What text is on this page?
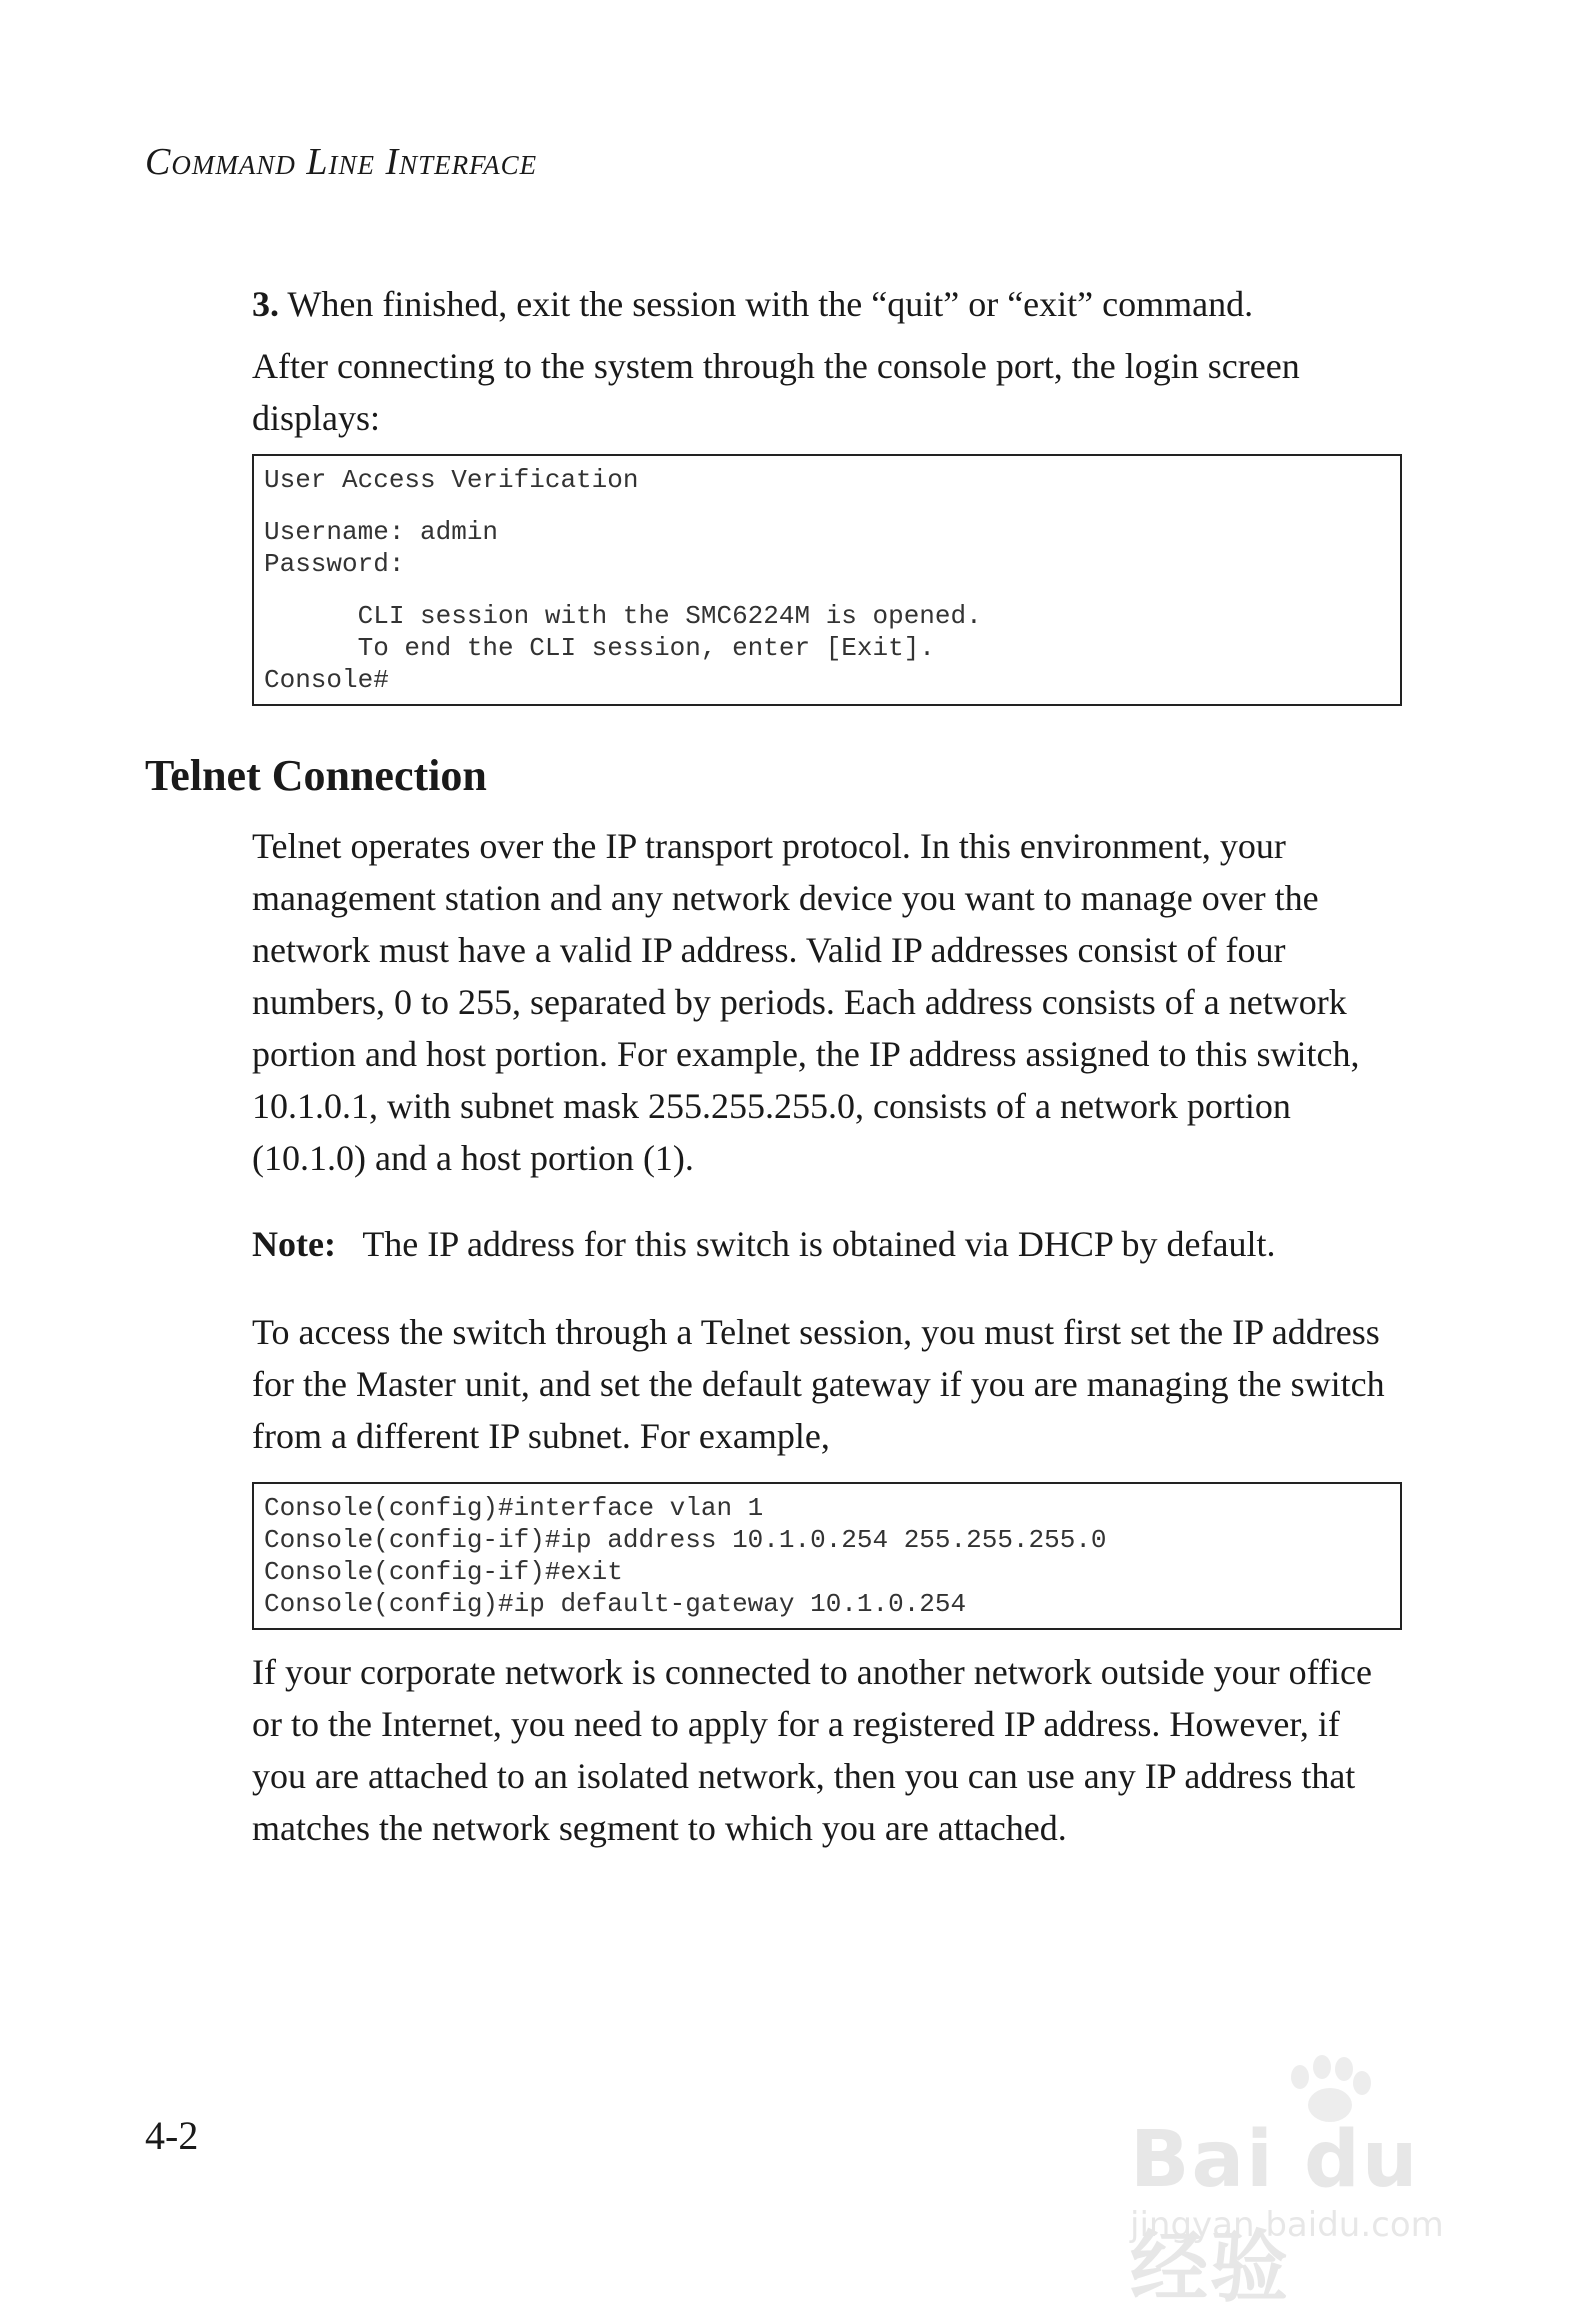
Command Line Interface

3. When finished, exit the session with the “quit” or “exit” command.

After connecting to the system through the console port, the login screen displays:

User Access Verification
Username: admin
Password:
CLI session with the SMC6224M is opened.
To end the CLI session, enter [Exit].
Console#
Telnet Connection

Telnet operates over the IP transport protocol. In this environment, your management station and any network device you want to manage over the network must have a valid IP address. Valid IP addresses consist of four numbers, 0 to 255, separated by periods. Each address consists of a network portion and host portion. For example, the IP address assigned to this switch, 10.1.0.1, with subnet mask 255.255.255.0, consists of a network portion (10.1.0) and a host portion (1).

Note: The IP address for this switch is obtained via DHCP by default.

To access the switch through a Telnet session, you must first set the IP address for the Master unit, and set the default gateway if you are managing the switch from a different IP subnet. For example,

Console(config)#interface vlan 1
Console(config-if)#ip address 10.1.0.254 255.255.255.0
Console(config-if)#exit
Console(config)#ip default-gateway 10.1.0.254

If your corporate network is connected to another network outside your office or to the Internet, you need to apply for a registered IP address. However, if you are attached to an isolated network, then you can use any IP address that matches the network segment to which you are attached.

4-2	Bai du 经验
jingyan.baidu.com
